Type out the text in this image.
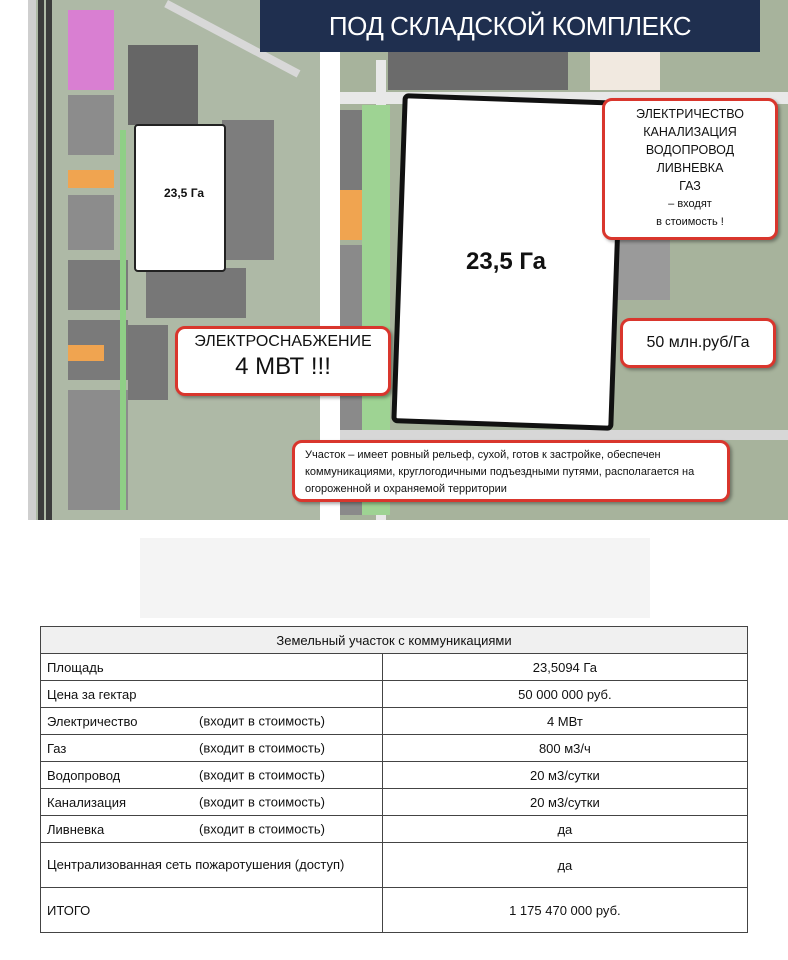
23,5 Га
23,5 Га
ПОД СКЛАДСКОЙ КОМПЛЕКС
ЭЛЕКТРИЧЕСТВО
КАНАЛИЗАЦИЯ
ВОДОПРОВОД
ЛИВНЕВКА
ГАЗ
– входят
в стоимость !
50 млн.руб/Га
ЭЛЕКТРОСНАБЖЕНИЕ
4 МВТ !!!
Участок – имеет ровный рельеф, сухой, готов к застройке, обеспечен коммуникациями, круглогодичными подъездными путями, располагается на огороженной и охраняемой территории
Земельный участок с коммуникациями	
Площадь	23,5094 Га
Цена за гектар	50 000 000 руб.
Электричество (входит в стоимость)	4 МВт
Газ (входит в стоимость)	800 м3/ч
Водопровод (входит в стоимость)	20 м3/сутки
Канализация (входит в стоимость)	20 м3/сутки
Ливневка (входит в стоимость)	да
Централизованная сеть пожаротушения (доступ)	да
ИТОГО	1 175 470 000 руб.
